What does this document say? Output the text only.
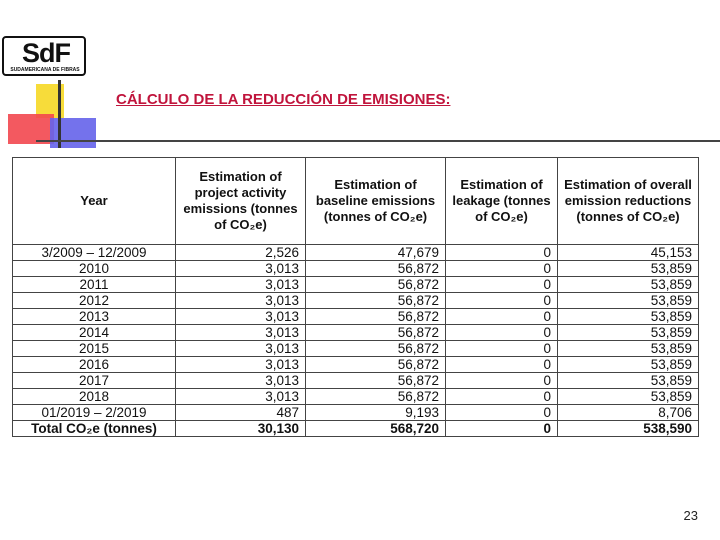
SdF
SUDAMERICANA DE FIBRAS
CÁLCULO DE LA REDUCCIÓN DE EMISIONES:
Year	Estimation of project activity emissions (tonnes of CO₂e)	Estimation of baseline emissions (tonnes of CO₂e)	Estimation of leakage (tonnes of CO₂e)	Estimation of overall emission reductions (tonnes of CO₂e)
3/2009 – 12/2009	2,526	47,679	0	45,153
2010	3,013	56,872	0	53,859
2011	3,013	56,872	0	53,859
2012	3,013	56,872	0	53,859
2013	3,013	56,872	0	53,859
2014	3,013	56,872	0	53,859
2015	3,013	56,872	0	53,859
2016	3,013	56,872	0	53,859
2017	3,013	56,872	0	53,859
2018	3,013	56,872	0	53,859
01/2019 – 2/2019	487	9,193	0	8,706
Total CO₂e (tonnes)	30,130	568,720	0	538,590
23
